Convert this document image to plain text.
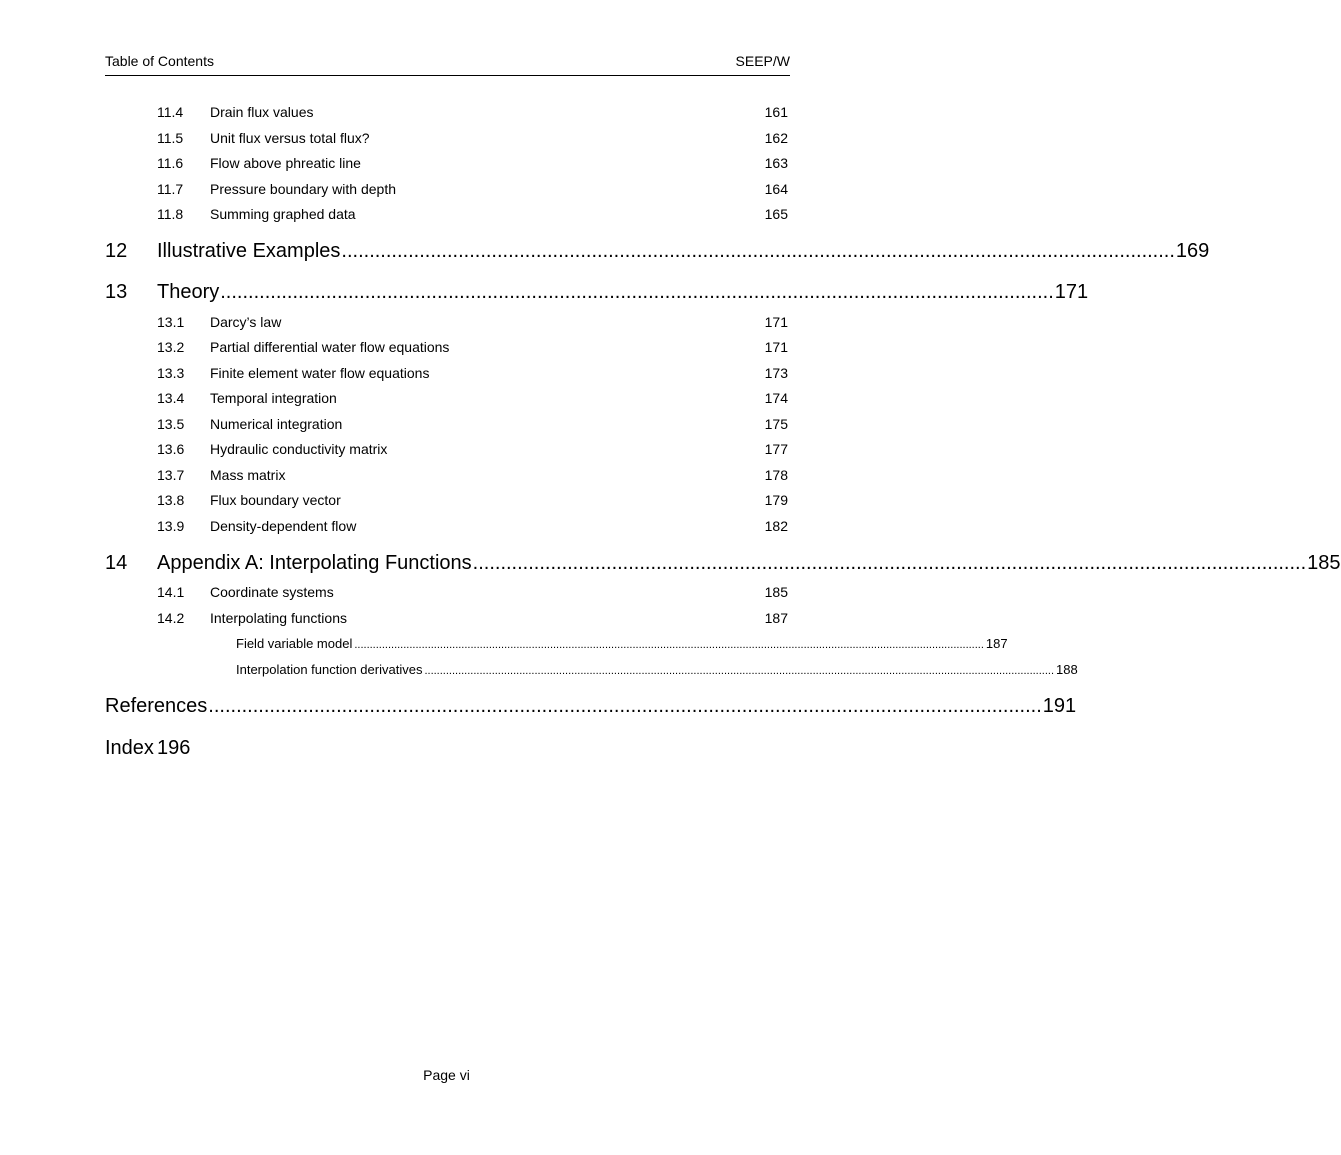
Table of Contents	SEEP/W
11.4 Drain flux values	161
11.5 Unit flux versus total flux?	162
11.6 Flow above phreatic line	163
11.7 Pressure boundary with depth	164
11.8 Summing graphed data	165
12	Illustrative Examples ...................................................................................................................................................... 169
13	Theory ...................................................................................................................................................... 171
13.1 Darcy’s law	171
13.2 Partial differential water flow equations	171
13.3 Finite element water flow equations	173
13.4 Temporal integration	174
13.5 Numerical integration	175
13.6 Hydraulic conductivity matrix	177
13.7 Mass matrix	178
13.8 Flux boundary vector	179
13.9 Density-dependent flow	182
14	Appendix A: Interpolating Functions ...................................................................................................................................................... 185
14.1 Coordinate systems	185
14.2 Interpolating functions	187
Field variable model .............................................................................................................................................................................................................. 187
Interpolation function derivatives .............................................................................................................................................................................................................. 188
References ...................................................................................................................................................... 191
Index 196
Page vi
